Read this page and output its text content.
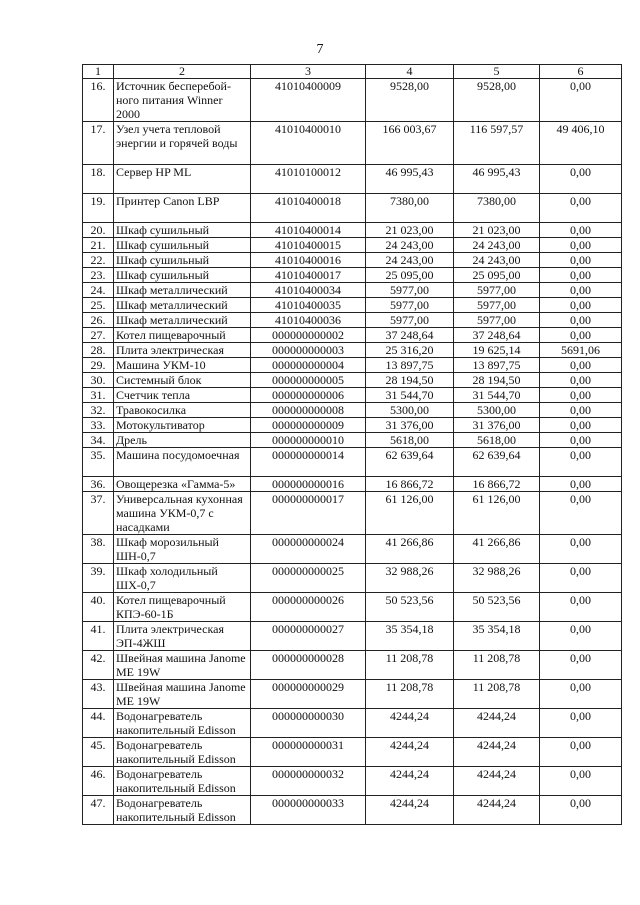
7
1	2	3	4	5	6
16.	Источник бесперебой-ного питания Winner 2000	41010400009	9528,00	9528,00	0,00
17.	Узел учета тепловой энергии и горячей воды	41010400010	166 003,67	116 597,57	49 406,10
18.	Сервер HP ML	41010100012	46 995,43	46 995,43	0,00
19.	Принтер Canon LBP	41010400018	7380,00	7380,00	0,00
20.	Шкаф сушильный	41010400014	21 023,00	21 023,00	0,00
21.	Шкаф сушильный	41010400015	24 243,00	24 243,00	0,00
22.	Шкаф сушильный	41010400016	24 243,00	24 243,00	0,00
23.	Шкаф сушильный	41010400017	25 095,00	25 095,00	0,00
24.	Шкаф металлический	41010400034	5977,00	5977,00	0,00
25.	Шкаф металлический	41010400035	5977,00	5977,00	0,00
26.	Шкаф металлический	41010400036	5977,00	5977,00	0,00
27.	Котел пищеварочный	000000000002	37 248,64	37 248,64	0,00
28.	Плита электрическая	000000000003	25 316,20	19 625,14	5691,06
29.	Машина УКМ-10	000000000004	13 897,75	13 897,75	0,00
30.	Системный блок	000000000005	28 194,50	28 194,50	0,00
31.	Счетчик тепла	000000000006	31 544,70	31 544,70	0,00
32.	Травокосилка	000000000008	5300,00	5300,00	0,00
33.	Мотокультиватор	000000000009	31 376,00	31 376,00	0,00
34.	Дрель	000000000010	5618,00	5618,00	0,00
35.	Машина посудомоечная	000000000014	62 639,64	62 639,64	0,00
36.	Овощерезка «Гамма-5»	000000000016	16 866,72	16 866,72	0,00
37.	Универсальная кухонная машина УКМ-0,7 с насадками	000000000017	61 126,00	61 126,00	0,00
38.	Шкаф морозильный ШН-0,7	000000000024	41 266,86	41 266,86	0,00
39.	Шкаф холодильный ШХ-0,7	000000000025	32 988,26	32 988,26	0,00
40.	Котел пищеварочный КПЭ-60-1Б	000000000026	50 523,56	50 523,56	0,00
41.	Плита электрическая ЭП-4ЖШ	000000000027	35 354,18	35 354,18	0,00
42.	Швейная машина Janome ME 19W	000000000028	11 208,78	11 208,78	0,00
43.	Швейная машина Janome ME 19W	000000000029	11 208,78	11 208,78	0,00
44.	Водонагреватель накопительный Edisson	000000000030	4244,24	4244,24	0,00
45.	Водонагреватель накопительный Edisson	000000000031	4244,24	4244,24	0,00
46.	Водонагреватель накопительный Edisson	000000000032	4244,24	4244,24	0,00
47.	Водонагреватель накопительный Edisson	000000000033	4244,24	4244,24	0,00
